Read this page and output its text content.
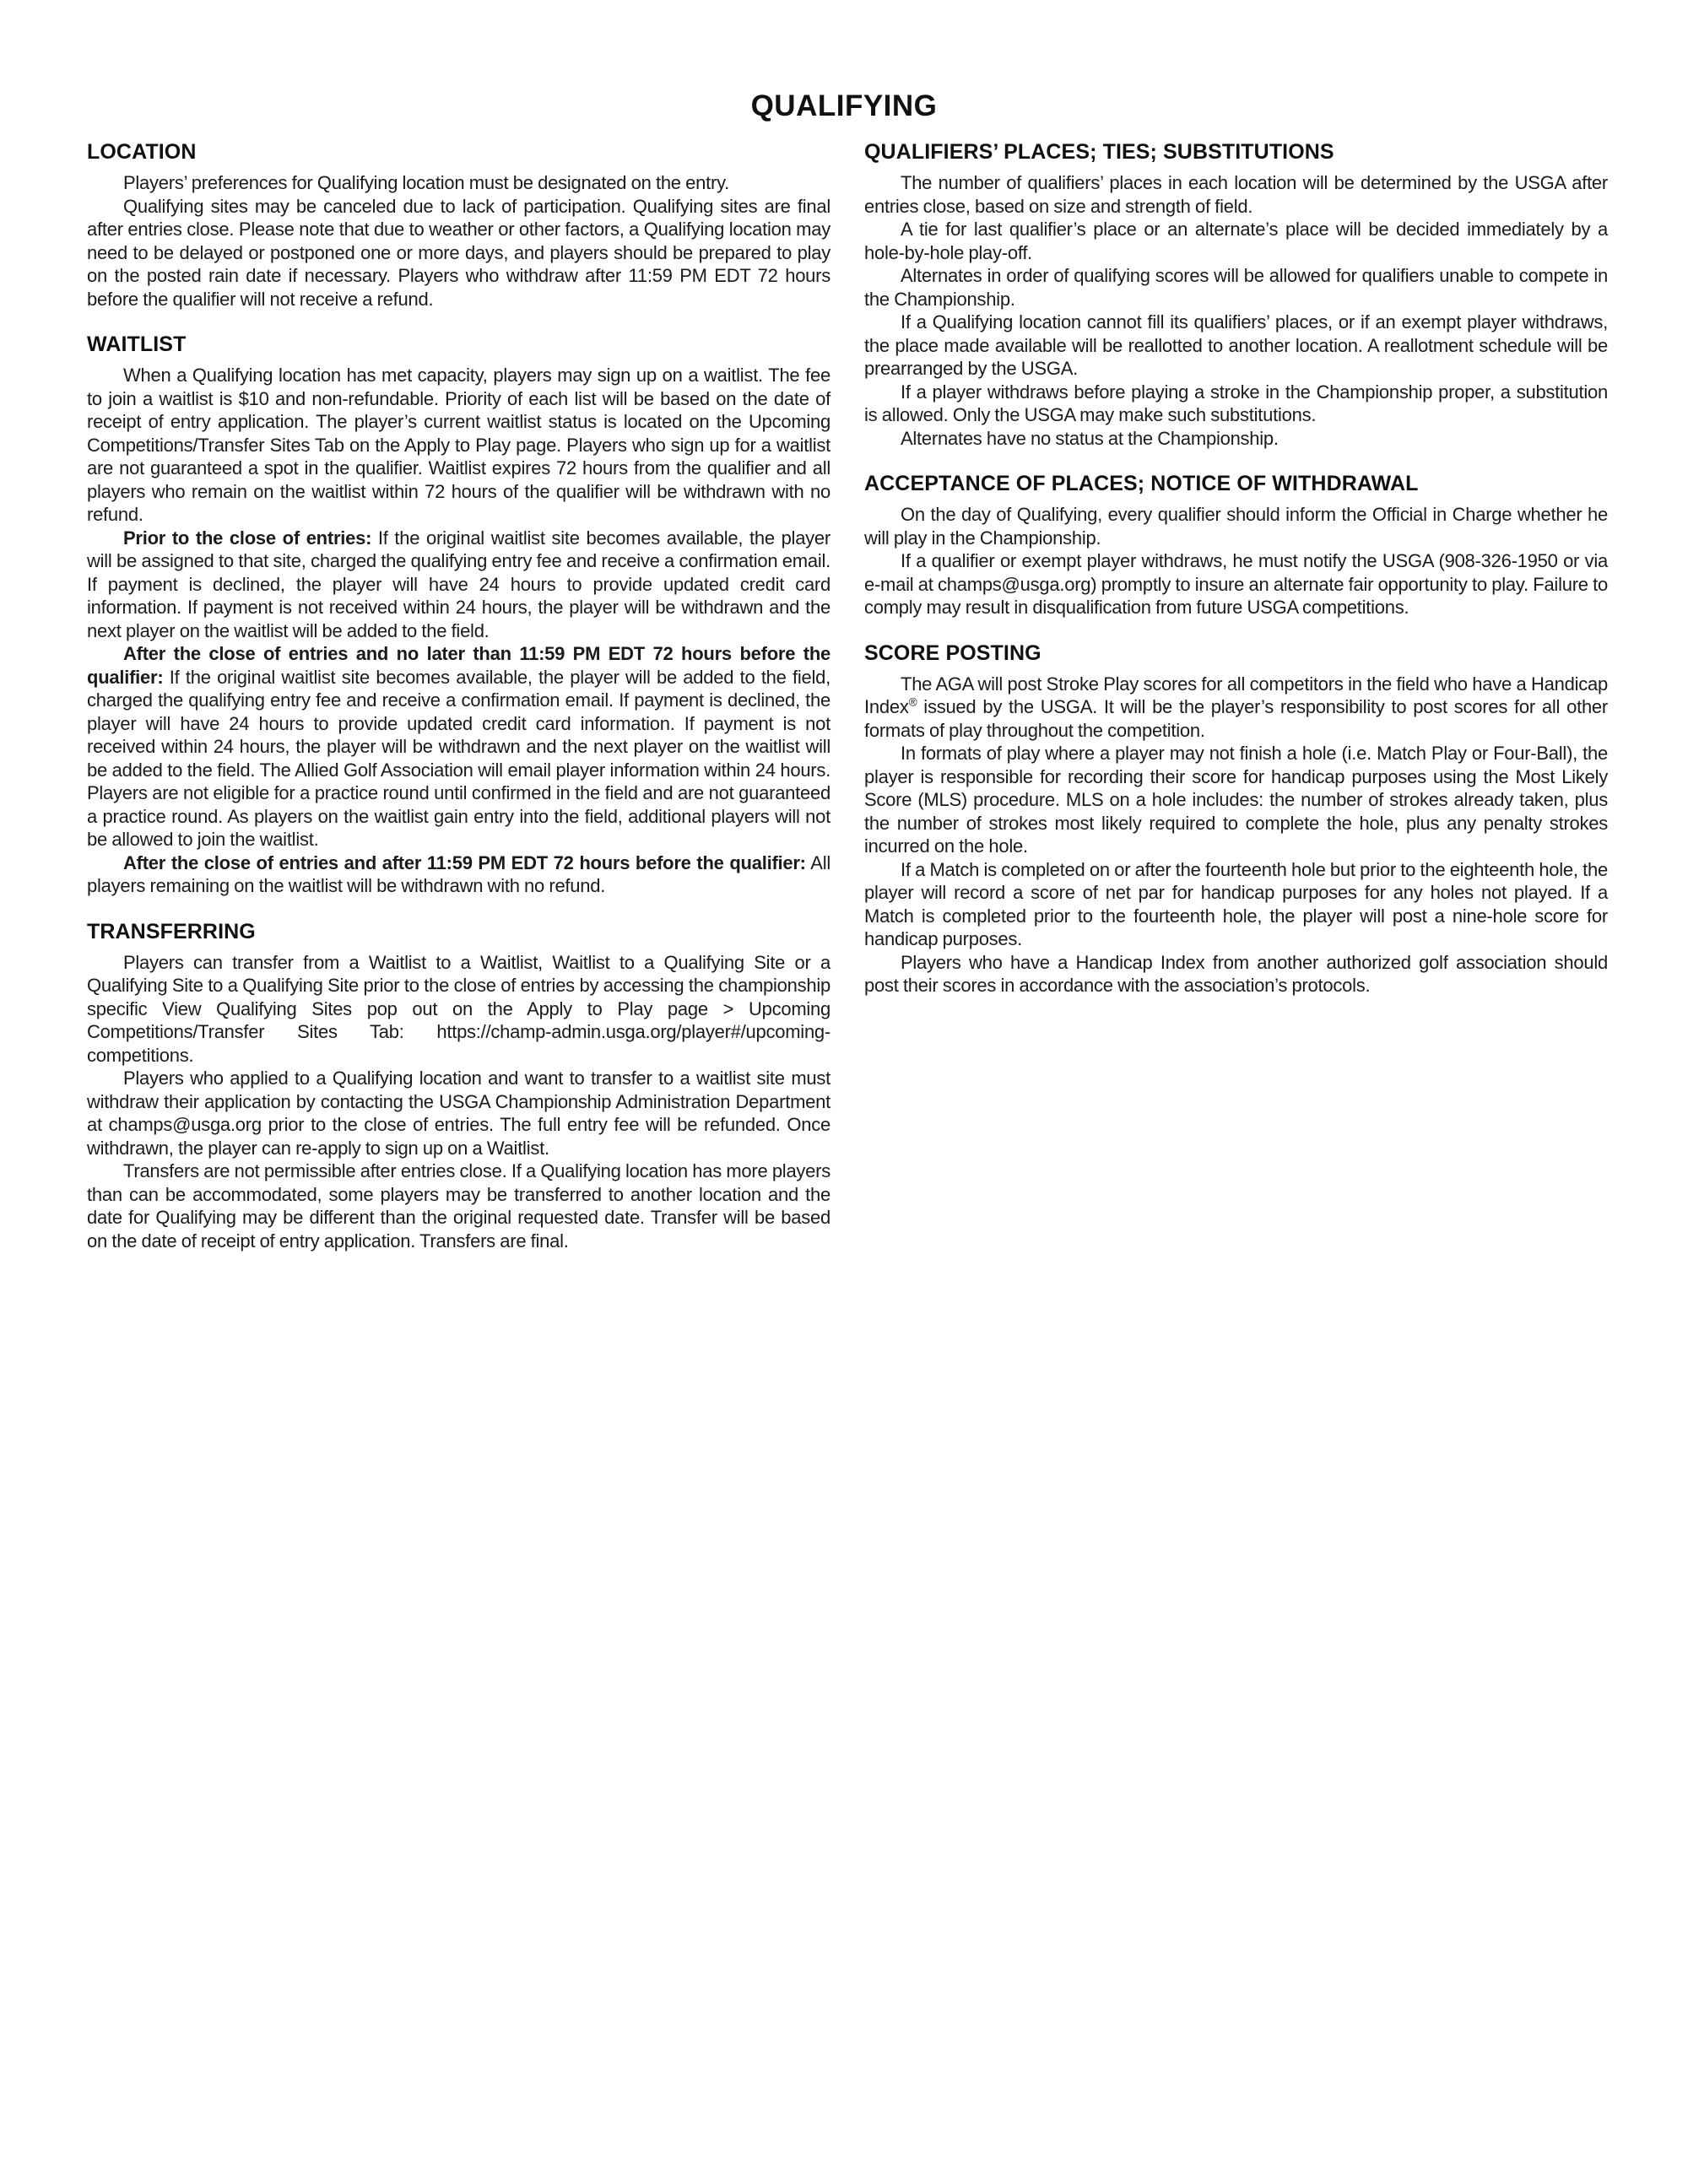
QUALIFYING
LOCATION

Players’ preferences for Qualifying location must be designated on the entry.

Qualifying sites may be canceled due to lack of participation. Qualifying sites are final after entries close. Please note that due to weather or other factors, a Qualifying location may need to be delayed or postponed one or more days, and players should be prepared to play on the posted rain date if necessary. Players who withdraw after 11:59 PM EDT 72 hours before the qualifier will not receive a refund.

WAITLIST

When a Qualifying location has met capacity, players may sign up on a waitlist. The fee to join a waitlist is $10 and non-refundable. Priority of each list will be based on the date of receipt of entry application. The player’s current waitlist status is located on the Upcoming Competitions/Transfer Sites Tab on the Apply to Play page. Players who sign up for a waitlist are not guaranteed a spot in the qualifier. Waitlist expires 72 hours from the qualifier and all players who remain on the waitlist within 72 hours of the qualifier will be withdrawn with no refund.

Prior to the close of entries: If the original waitlist site becomes available, the player will be assigned to that site, charged the qualifying entry fee and receive a confirmation email. If payment is declined, the player will have 24 hours to provide updated credit card information. If payment is not received within 24 hours, the player will be withdrawn and the next player on the waitlist will be added to the field.

After the close of entries and no later than 11:59 PM EDT 72 hours before the qualifier: If the original waitlist site becomes available, the player will be added to the field, charged the qualifying entry fee and receive a confirmation email. If payment is declined, the player will have 24 hours to provide updated credit card information. If payment is not received within 24 hours, the player will be withdrawn and the next player on the waitlist will be added to the field. The Allied Golf Association will email player information within 24 hours. Players are not eligible for a practice round until confirmed in the field and are not guaranteed a practice round. As players on the waitlist gain entry into the field, additional players will not be allowed to join the waitlist.

After the close of entries and after 11:59 PM EDT 72 hours before the qualifier: All players remaining on the waitlist will be withdrawn with no refund.

TRANSFERRING

Players can transfer from a Waitlist to a Waitlist, Waitlist to a Qualifying Site or a Qualifying Site to a Qualifying Site prior to the close of entries by accessing the championship specific View Qualifying Sites pop out on the Apply to Play page > Upcoming Competitions/Transfer Sites Tab: https://champ-admin.usga.org/player#/upcoming-competitions.

Players who applied to a Qualifying location and want to transfer to a waitlist site must withdraw their application by contacting the USGA Championship Administration Department at champs@usga.org prior to the close of entries. The full entry fee will be refunded. Once withdrawn, the player can re-apply to sign up on a Waitlist.

Transfers are not permissible after entries close. If a Qualifying location has more players than can be accommodated, some players may be transferred to another location and the date for Qualifying may be different than the original requested date. Transfer will be based on the date of receipt of entry application. Transfers are final.

QUALIFIERS’ PLACES; TIES; SUBSTITUTIONS

The number of qualifiers’ places in each location will be determined by the USGA after entries close, based on size and strength of field.

A tie for last qualifier’s place or an alternate’s place will be decided immediately by a hole-by-hole play-off.

Alternates in order of qualifying scores will be allowed for qualifiers unable to compete in the Championship.

If a Qualifying location cannot fill its qualifiers’ places, or if an exempt player withdraws, the place made available will be reallotted to another location. A reallotment schedule will be prearranged by the USGA.

If a player withdraws before playing a stroke in the Championship proper, a substitution is allowed. Only the USGA may make such substitutions.

Alternates have no status at the Championship.

ACCEPTANCE OF PLACES; NOTICE OF WITHDRAWAL

On the day of Qualifying, every qualifier should inform the Official in Charge whether he will play in the Championship.

If a qualifier or exempt player withdraws, he must notify the USGA (908-326-1950 or via e-mail at champs@usga.org) promptly to insure an alternate fair opportunity to play. Failure to comply may result in disqualification from future USGA competitions.

SCORE POSTING

The AGA will post Stroke Play scores for all competitors in the field who have a Handicap Index® issued by the USGA. It will be the player’s responsibility to post scores for all other formats of play throughout the competition.

In formats of play where a player may not finish a hole (i.e. Match Play or Four-Ball), the player is responsible for recording their score for handicap purposes using the Most Likely Score (MLS) procedure. MLS on a hole includes: the number of strokes already taken, plus the number of strokes most likely required to complete the hole, plus any penalty strokes incurred on the hole.

If a Match is completed on or after the fourteenth hole but prior to the eighteenth hole, the player will record a score of net par for handicap purposes for any holes not played. If a Match is completed prior to the fourteenth hole, the player will post a nine-hole score for handicap purposes.

Players who have a Handicap Index from another authorized golf association should post their scores in accordance with the association’s protocols.
